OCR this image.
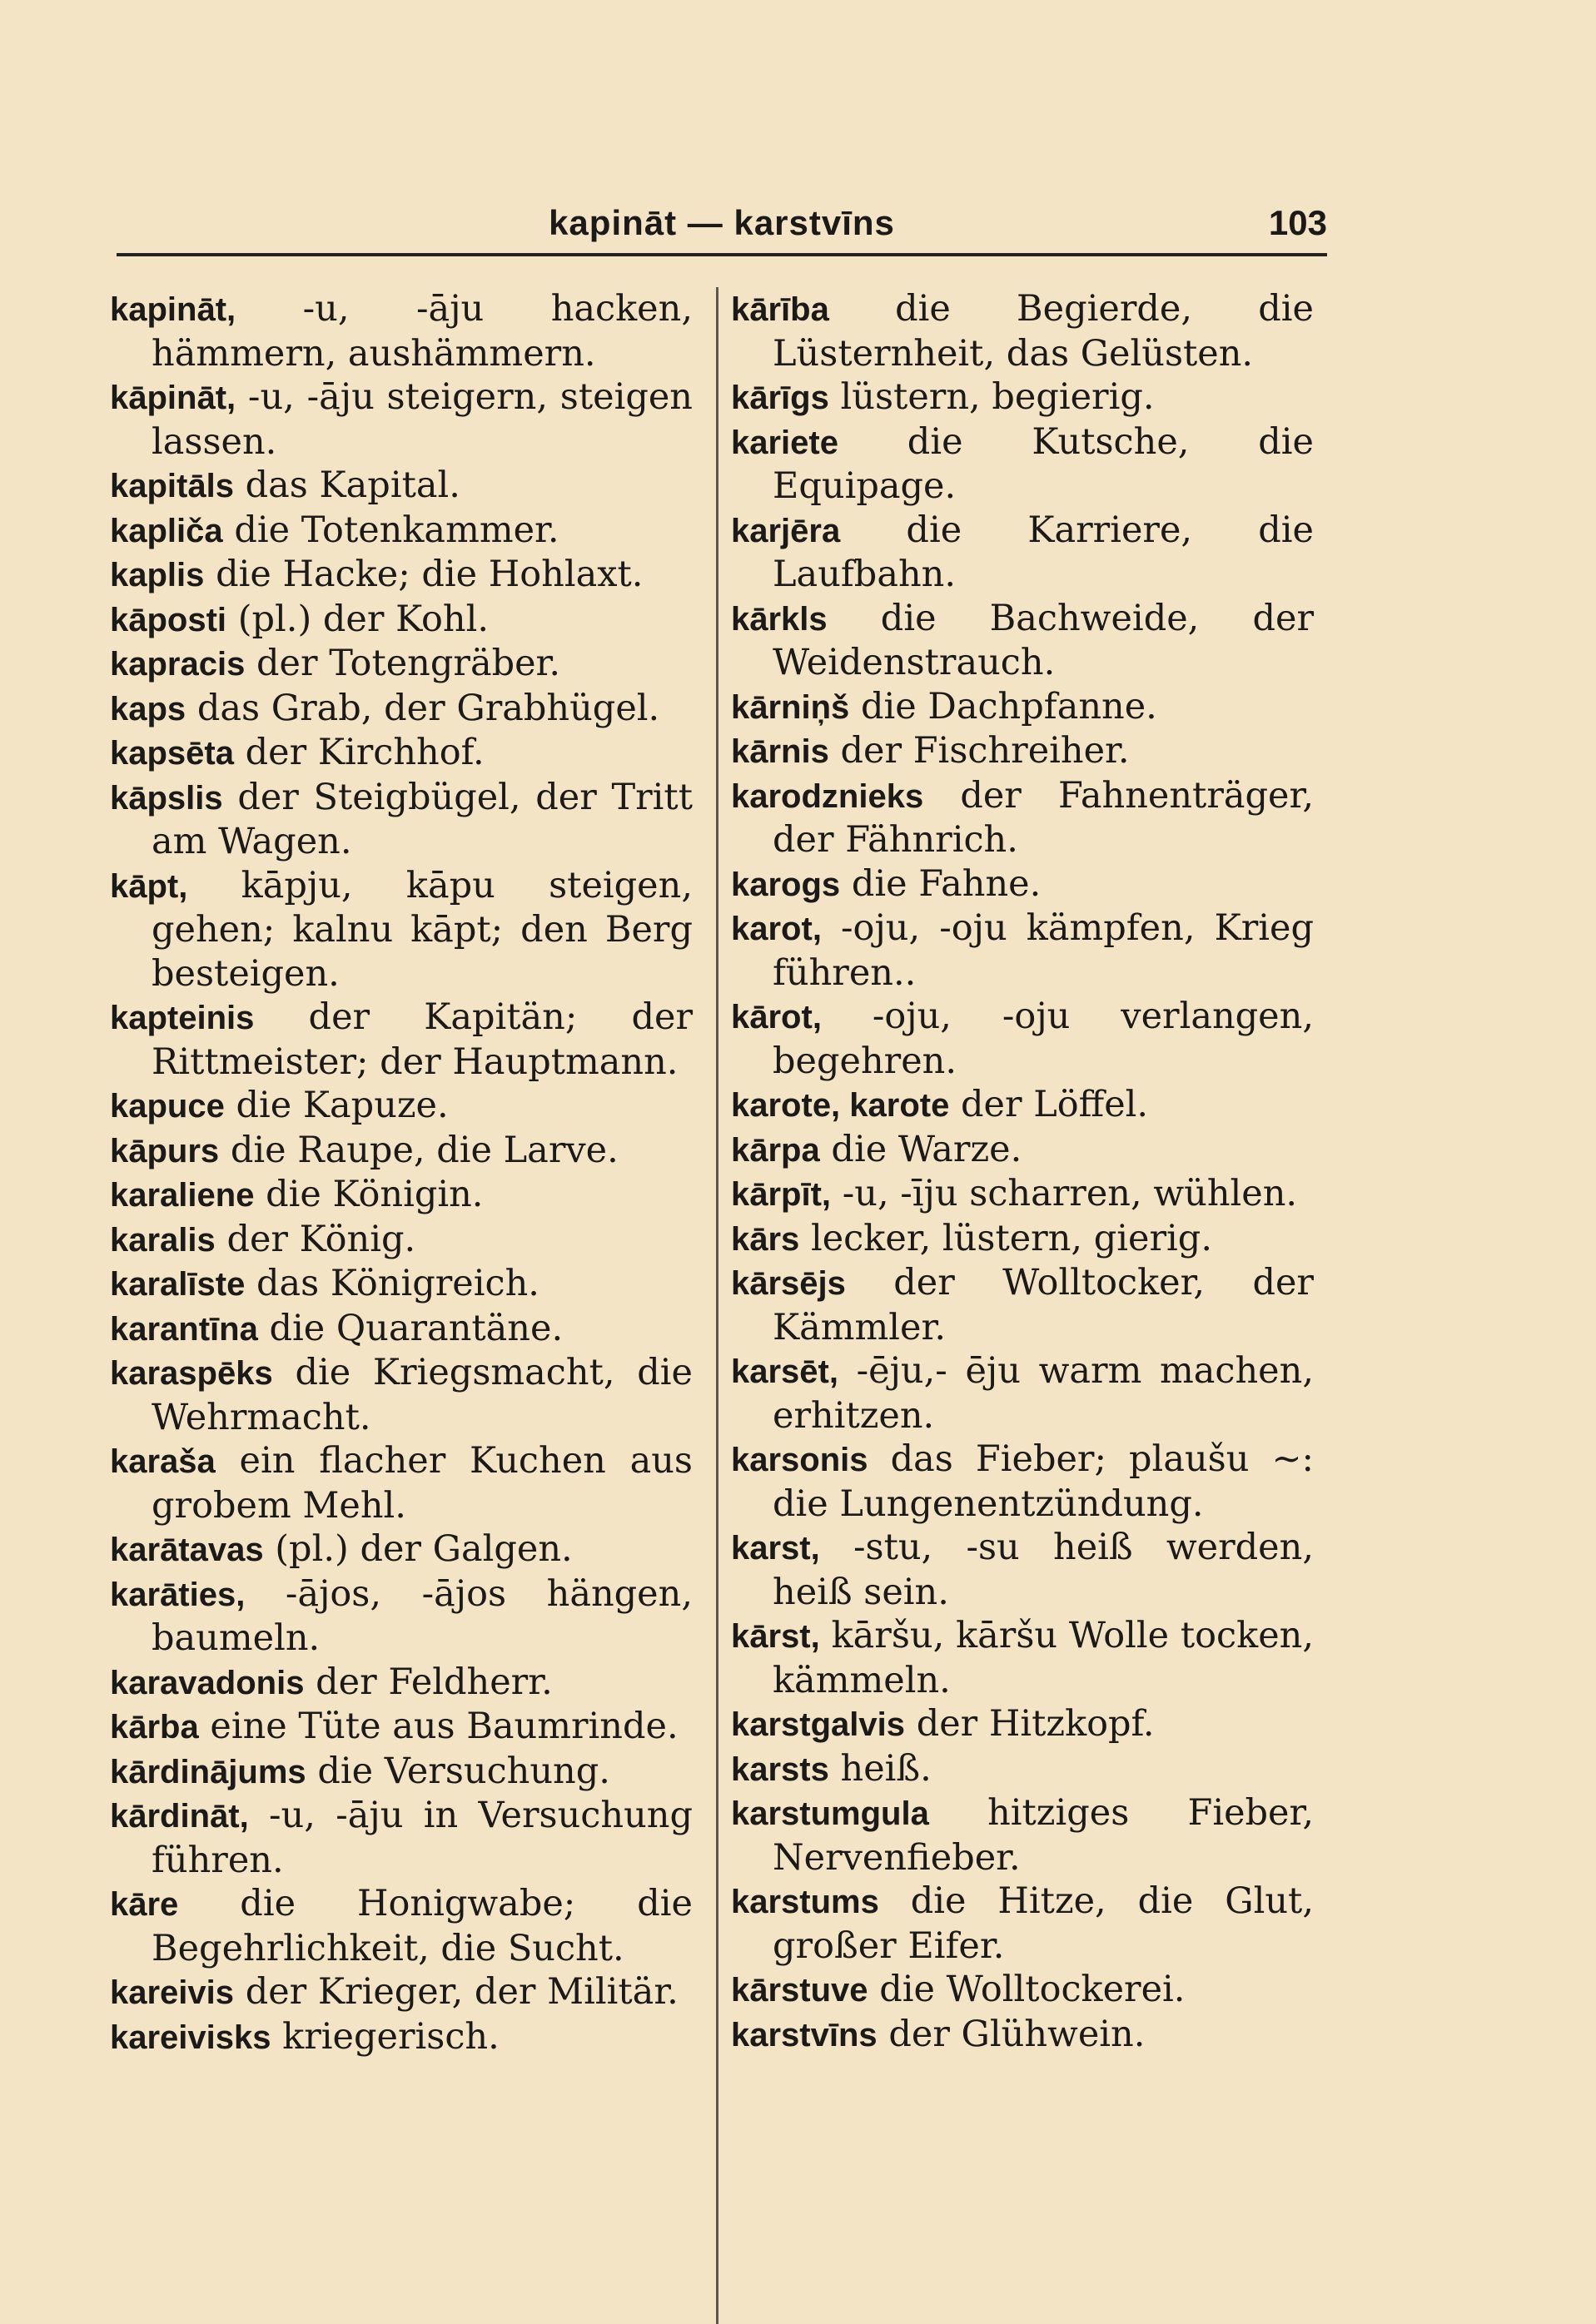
kapināt — karstvīns	103
kapināt, -u, -āju hacken, hämmern, aushämmern.
kāpināt, -u, -āju steigern, steigen lassen.
kapitāls das Kapital.
kapliča die Totenkammer.
kaplis die Hacke; die Hohlaxt.
kāposti (pl.) der Kohl.
kapracis der Totengräber.
kaps das Grab, der Grabhügel.
kapsēta der Kirchhof.
kāpslis der Steigbügel, der Tritt am Wagen.
kāpt, kāpju, kāpu steigen, gehen; kalnu kāpt; den Berg besteigen.
kapteinis der Kapitän; der Rittmeister; der Hauptmann.
kapuce die Kapuze.
kāpurs die Raupe, die Larve.
karaliene die Königin.
karalis der König.
karalīste das Königreich.
karantīna die Quarantäne.
karaspēks die Kriegsmacht, die Wehrmacht.
karaša ein flacher Kuchen aus grobem Mehl.
karātavas (pl.) der Galgen.
karāties, -ājos, -ājos hängen, baumeln.
karavadonis der Feldherr.
kārba eine Tüte aus Baumrinde.
kārdinājums die Versuchung.
kārdināt, -u, -āju in Versuchung führen.
kāre die Honigwabe; die Begehrlichkeit, die Sucht.
kareivis der Krieger, der Militär.
kareivisks kriegerisch.
kārība die Begierde, die Lüsternheit, das Gelüsten.
kārīgs lüstern, begierig.
kariete die Kutsche, die Equipage.
karjēra die Karriere, die Laufbahn.
kārkls die Bachweide, der Weidenstrauch.
kārniņš die Dachpfanne.
kārnis der Fischreiher.
karodznieks der Fahnenträger, der Fähnrich.
karogs die Fahne.
karot, -oju, -oju kämpfen, Krieg führen..
kārot, -oju, -oju verlangen, begehren.
karote, karote der Löffel.
kārpa die Warze.
kārpīt, -u, -īju scharren, wühlen.
kārs lecker, lüstern, gierig.
kārsējs der Wolltocker, der Kämmler.
karsēt, -ēju,- ēju warm machen, erhitzen.
karsonis das Fieber; plaušu ~: die Lungenentzündung.
karst, -stu, -su heiß werden, heiß sein.
kārst, kāršu, kāršu Wolle tocken, kämmeln.
karstgalvis der Hitzkopf.
karsts heiß.
karstumgula hitziges Fieber, Nervenfieber.
karstums die Hitze, die Glut, großer Eifer.
kārstuve die Wolltockerei.
karstvīns der Glühwein.
